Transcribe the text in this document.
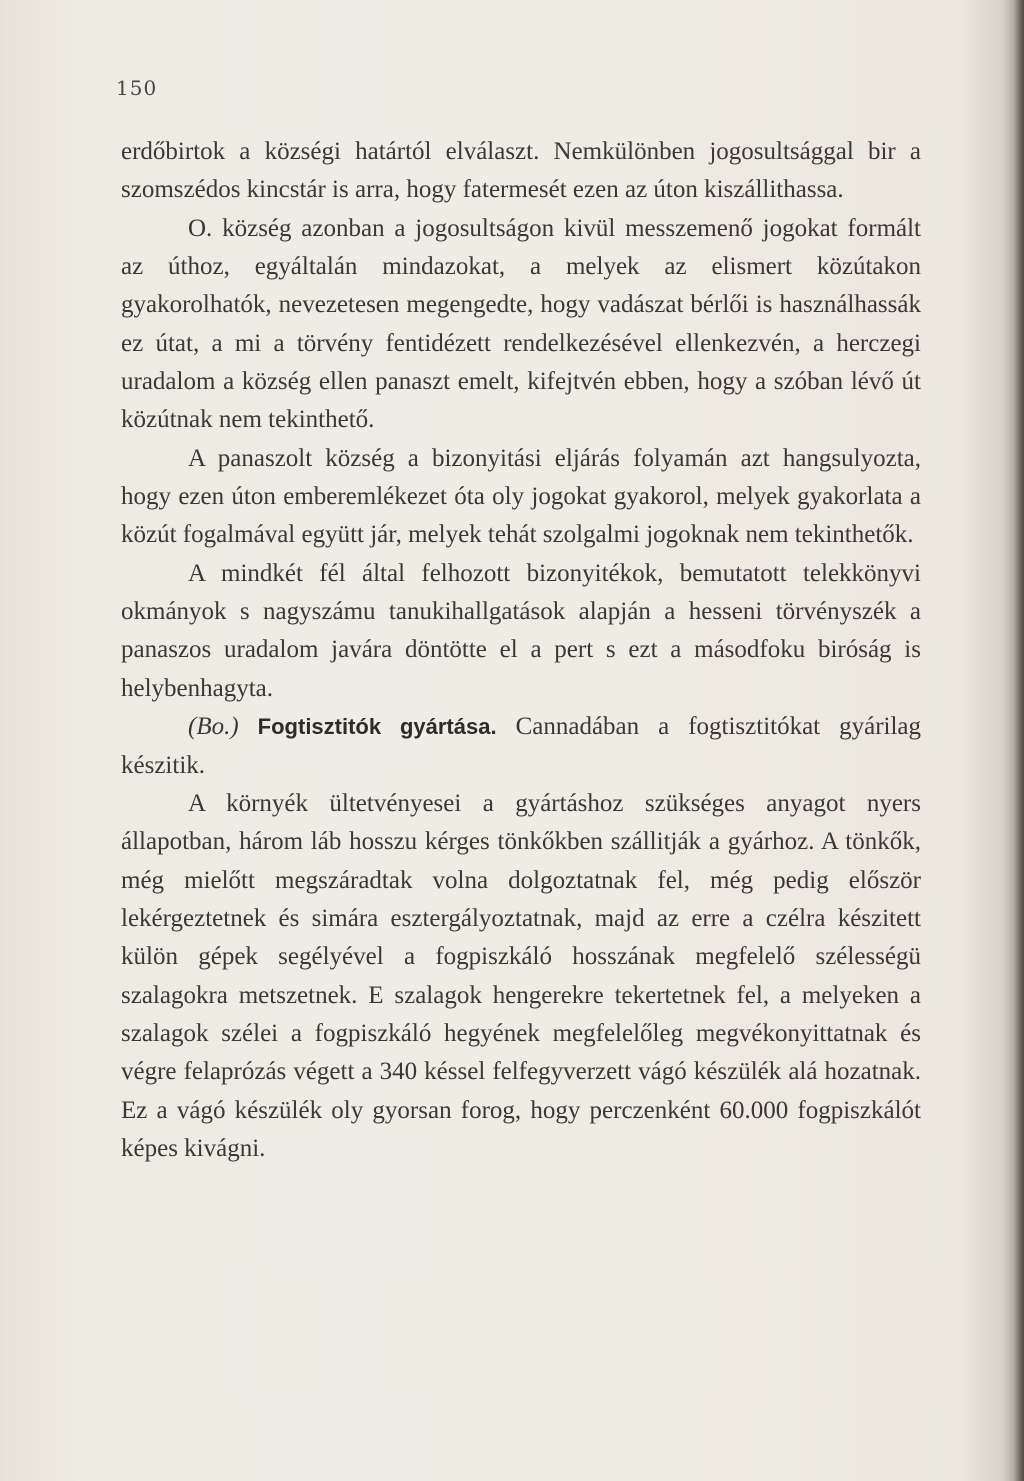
150

erdőbirtok a községi határtól elválaszt. Nemkülönben jogosultsággal bir a szomszédos kincstár is arra, hogy fatermesét ezen az úton kiszállithassa.

O. község azonban a jogosultságon kivül messzemenő jogokat formált az úthoz, egyáltalán mindazokat, a melyek az elismert közútakon gyakorolhatók, nevezetesen megengedte, hogy vadászat bérlői is használhassák ez útat, a mi a törvény fentidézett rendelkezésével ellenkezvén, a herczegi uradalom a község ellen panaszt emelt, kifejtvén ebben, hogy a szóban lévő út közútnak nem tekinthető.

A panaszolt község a bizonyitási eljárás folyamán azt hangsulyozta, hogy ezen úton emberemlékezet óta oly jogokat gyakorol, melyek gyakorlata a közút fogalmával együtt jár, melyek tehát szolgalmi jogoknak nem tekinthetők.

A mindkét fél által felhozott bizonyitékok, bemutatott telekkönyvi okmányok s nagyszámu tanukihallgatások alapján a hesseni törvényszék a panaszos uradalom javára döntötte el a pert s ezt a másodfoku biróság is helybenhagyta.

(Bo.) Fogtisztitók gyártása. Cannadában a fogtisztitókat gyárilag készitik.

A környék ültetvényesei a gyártáshoz szükséges anyagot nyers állapotban, három láb hosszu kérges tönkőkben szállitják a gyárhoz. A tönkők, még mielőtt megszáradtak volna dolgoztatnak fel, még pedig először lekérgeztetnek és simára esztergályoztatnak, majd az erre a czélra készitett külön gépek segélyével a fogpiszkáló hosszának megfelelő szélességü szalagokra metszetnek. E szalagok hengerekre tekertetnek fel, a melyeken a szalagok szélei a fogpiszkáló hegyének megfelelőleg megvékonyittatnak és végre felaprózás végett a 340 késsel felfegyverzett vágó készülék alá hozatnak. Ez a vágó készülék oly gyorsan forog, hogy perczenként 60.000 fogpiszkálót képes kivágni.
